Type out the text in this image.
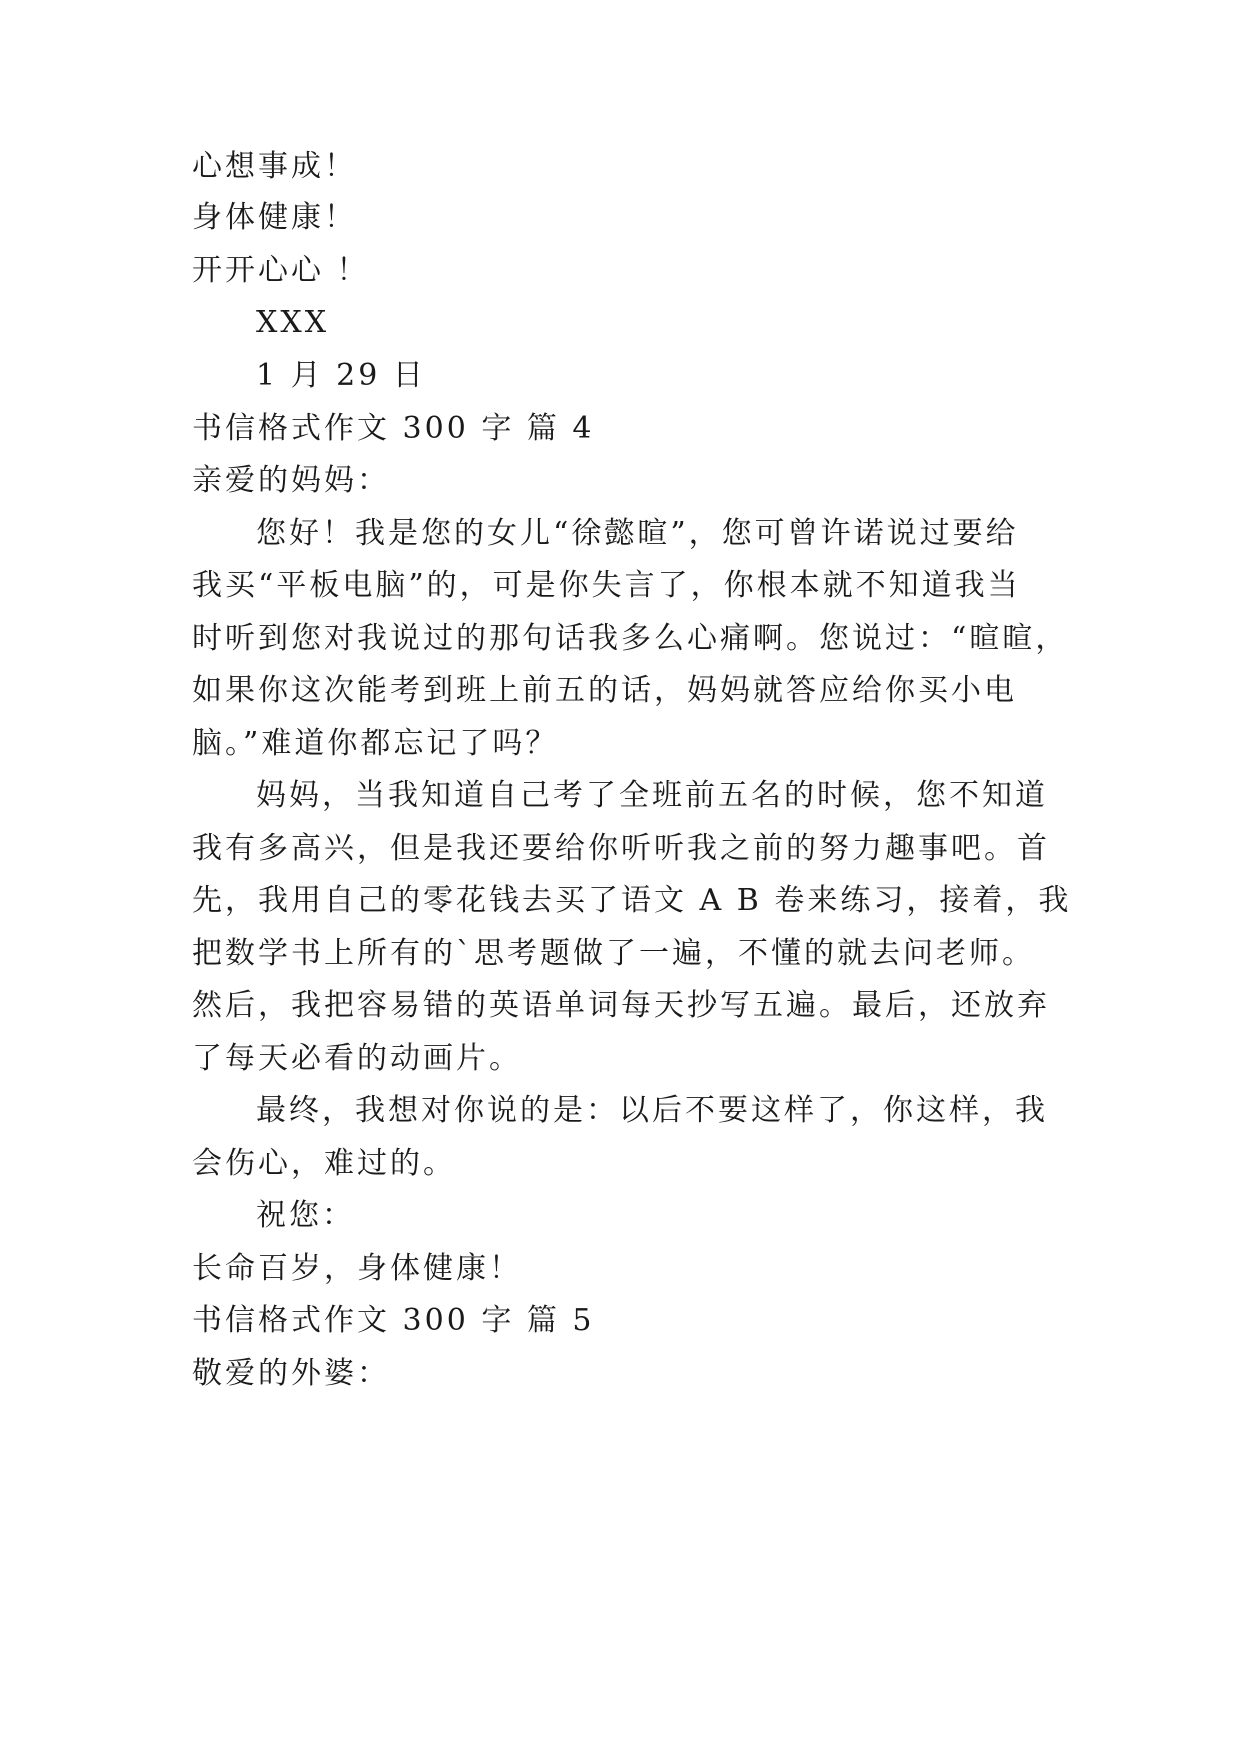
心想事成！
身体健康！
开开心心 ！
XXX
1 月 29 日
书信格式作文 300 字 篇 4
亲爱的妈妈：
您好！我是您的女儿“徐懿暄”，您可曾许诺说过要给
我买“平板电脑”的，可是你失言了，你根本就不知道我当
时听到您对我说过的那句话我多么心痛啊。您说过：“暄暄，
如果你这次能考到班上前五的话，妈妈就答应给你买小电
脑。”难道你都忘记了吗？
妈妈，当我知道自己考了全班前五名的时候，您不知道
我有多高兴，但是我还要给你听听我之前的努力趣事吧。首
先，我用自己的零花钱去买了语文 A B 卷来练习，接着，我
把数学书上所有的`思考题做了一遍，不懂的就去问老师。
然后，我把容易错的英语单词每天抄写五遍。最后，还放弃
了每天必看的动画片。
最终，我想对你说的是：以后不要这样了，你这样，我
会伤心，难过的。
祝您：
长命百岁，身体健康！
书信格式作文 300 字 篇 5
敬爱的外婆：
